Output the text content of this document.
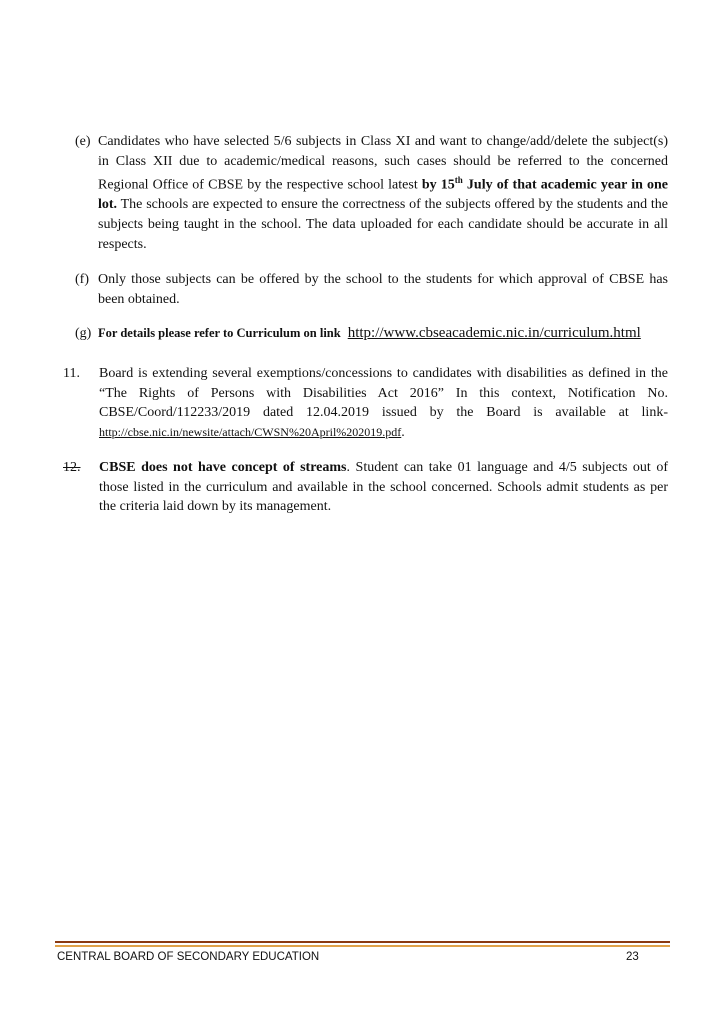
(e) Candidates who have selected 5/6 subjects in Class XI and want to change/add/delete the subject(s) in Class XII due to academic/medical reasons, such cases should be referred to the concerned Regional Office of CBSE by the respective school latest by 15th July of that academic year in one lot. The schools are expected to ensure the correctness of the subjects offered by the students and the subjects being taught in the school. The data uploaded for each candidate should be accurate in all respects.
(f) Only those subjects can be offered by the school to the students for which approval of CBSE has been obtained.
(g) For details please refer to Curriculum on link http://www.cbseacademic.nic.in/curriculum.html
11. Board is extending several exemptions/concessions to candidates with disabilities as defined in the “The Rights of Persons with Disabilities Act 2016” In this context, Notification No. CBSE/Coord/112233/2019 dated 12.04.2019 issued by the Board is available at link- http://cbse.nic.in/newsite/attach/CWSN%20April%202019.pdf.
12. CBSE does not have concept of streams. Student can take 01 language and 4/5 subjects out of those listed in the curriculum and available in the school concerned. Schools admit students as per the criteria laid down by its management.
CENTRAL BOARD OF SECONDARY EDUCATION	23
